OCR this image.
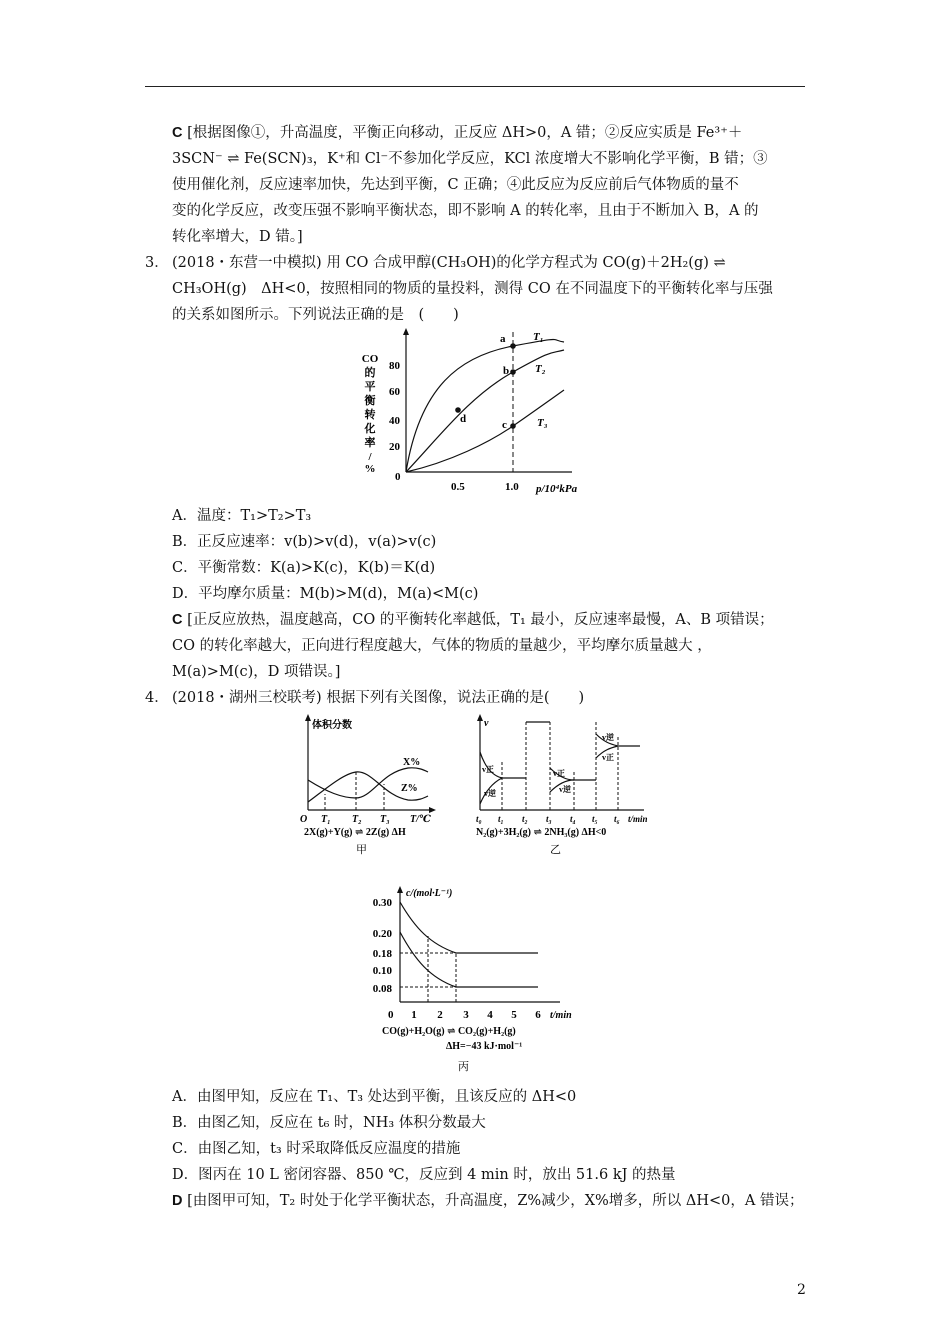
C [根据图像①，升高温度，平衡正向移动，正反应 ΔH>0，A 错；②反应实质是 Fe³⁺＋
3SCN⁻ ⇌ Fe(SCN)₃，K⁺和 Cl⁻不参加化学反应，KCl 浓度增大不影响化学平衡，B 错；③
使用催化剂，反应速率加快，先达到平衡，C 正确；④此反应为反应前后气体物质的量不
变的化学反应，改变压强不影响平衡状态，即不影响 A 的转化率，且由于不断加入 B，A 的
转化率增大，D 错。]
3． (2018・东营一中模拟) 用 CO 合成甲醇(CH₃OH)的化学方程式为 CO(g)＋2H₂(g) ⇌
CH₃OH(g)　ΔH<0，按照相同的物质的量投料，测得 CO 在不同温度下的平衡转化率与压强
的关系如图所示。下列说法正确的是　(　　)
CO
的
平
衡
转
化
率
/
%
80
60
40
20
0
0.5	1.0 p/10⁴kPa
a
b
c
d
T₁
T₂
T₃
A．温度：T₁>T₂>T₃
B．正反应速率：v(b)>v(d)，v(a)>v(c)
C．平衡常数：K(a)>K(c)，K(b)＝K(d)
D．平均摩尔质量：M(b)>M(d)，M(a)<M(c)
C [正反应放热，温度越高，CO 的平衡转化率越低，T₁ 最小，反应速率最慢，A、B 项错误；
CO 的转化率越大，正向进行程度越大，气体的物质的量越少，平均摩尔质量越大 ，
M(a)>M(c)，D 项错误。]
4． (2018・湖州三校联考) 根据下列有关图像，说法正确的是(　　)
体积分数
X%
Z%
O T₁ T₂ T₃ T/℃
2X(g)+Y(g) ⇌ 2Z(g) ΔH
甲
v
v正
v逆
v正
v逆
v逆
v正
t₀ t₁ t₂ t₃ t₄ t₅ t₆ t/min
N₂(g)+3H₂(g) ⇌ 2NH₃(g) ΔH<0
乙
c/(mol·L⁻¹)
0.30
0.20
0.18
0.10
0.08
0 1 2 3 4 5 6 t/min
CO(g)+H₂O(g) ⇌ CO₂(g)+H₂(g)
ΔH=−43 kJ·mol⁻¹
丙
A．由图甲知，反应在 T₁、T₃ 处达到平衡，且该反应的 ΔH<0
B．由图乙知，反应在 t₆ 时，NH₃ 体积分数最大
C．由图乙知，t₃ 时采取降低反应温度的措施
D．图丙在 10 L 密闭容器、850 ℃，反应到 4 min 时，放出 51.6 kJ 的热量
D [由图甲可知，T₂ 时处于化学平衡状态，升高温度，Z%减少，X%增多，所以 ΔH<0，A 错误；
2
